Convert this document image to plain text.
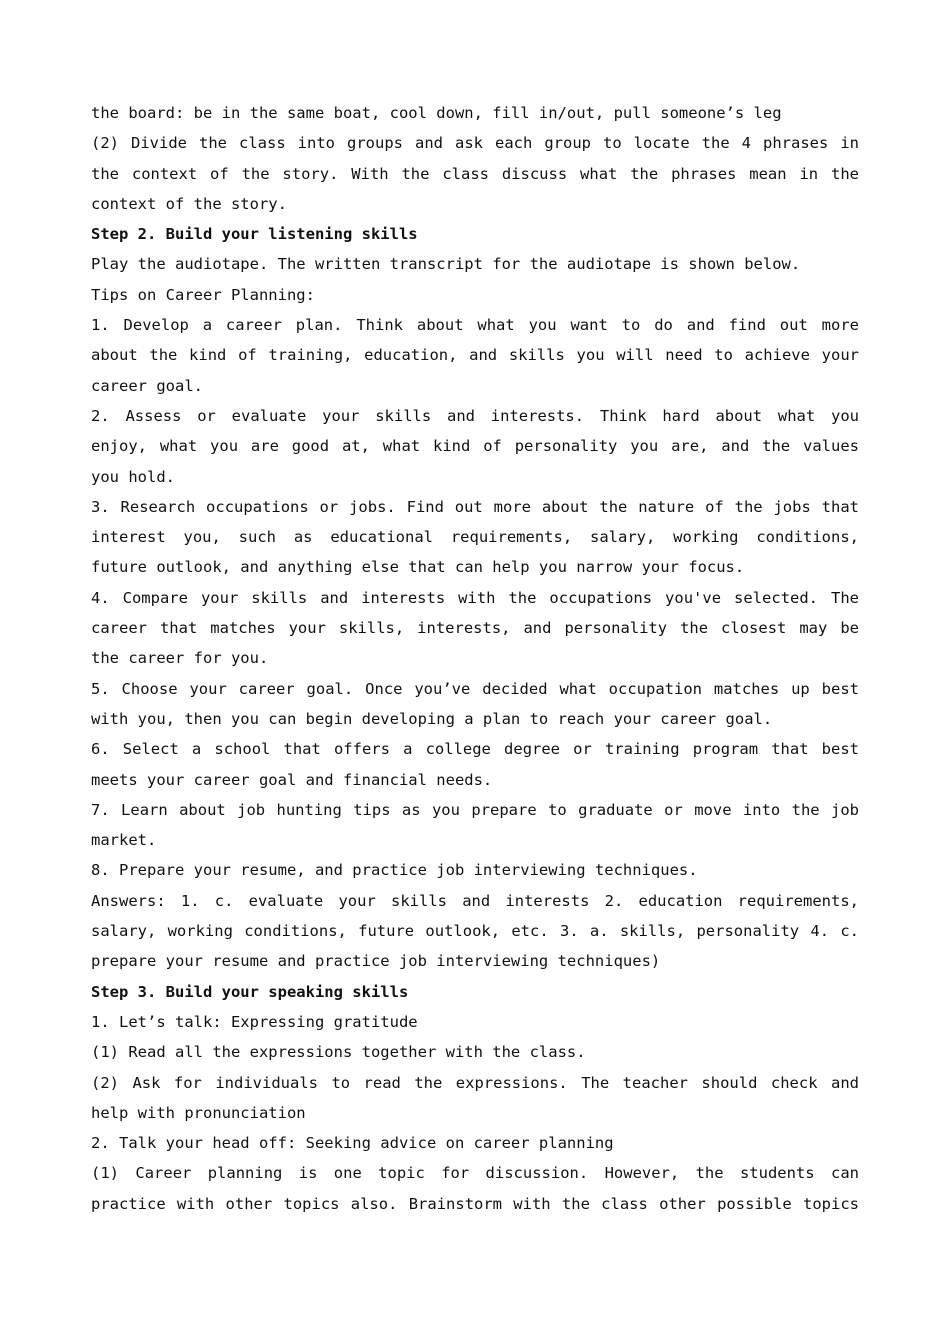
the board: be in the same boat, cool down, fill in/out, pull someone’s leg
(2) Divide the class into groups and ask each group to locate the 4 phrases in
the context of the story. With the class discuss what the phrases mean in the
context of the story.
Step 2. Build your listening skills
Play the audiotape. The written transcript for the audiotape is shown below.
Tips on Career Planning:
1. Develop a career plan. Think about what you want to do and find out more
about the kind of training, education, and skills you will need to achieve your
career goal.
2. Assess or evaluate your skills and interests. Think hard about what you
enjoy, what you are good at, what kind of personality you are, and the values
you hold.
3. Research occupations or jobs. Find out more about the nature of the jobs that
interest you, such as educational requirements, salary, working conditions,
future outlook, and anything else that can help you narrow your focus.
4. Compare your skills and interests with the occupations you've selected. The
career that matches your skills, interests, and personality the closest may be
the career for you.
5. Choose your career goal. Once you’ve decided what occupation matches up best
with you, then you can begin developing a plan to reach your career goal.
6. Select a school that offers a college degree or training program that best
meets your career goal and financial needs.
7. Learn about job hunting tips as you prepare to graduate or move into the job
market.
8. Prepare your resume, and practice job interviewing techniques.
Answers: 1. c. evaluate your skills and interests 2. education requirements,
salary, working conditions, future outlook, etc. 3. a. skills, personality 4. c.
prepare your resume and practice job interviewing techniques)
Step 3. Build your speaking skills
1. Let’s talk: Expressing gratitude
(1) Read all the expressions together with the class.
(2) Ask for individuals to read the expressions. The teacher should check and
help with pronunciation
2. Talk your head off: Seeking advice on career planning
(1) Career planning is one topic for discussion. However, the students can
practice with other topics also. Brainstorm with the class other possible topics
